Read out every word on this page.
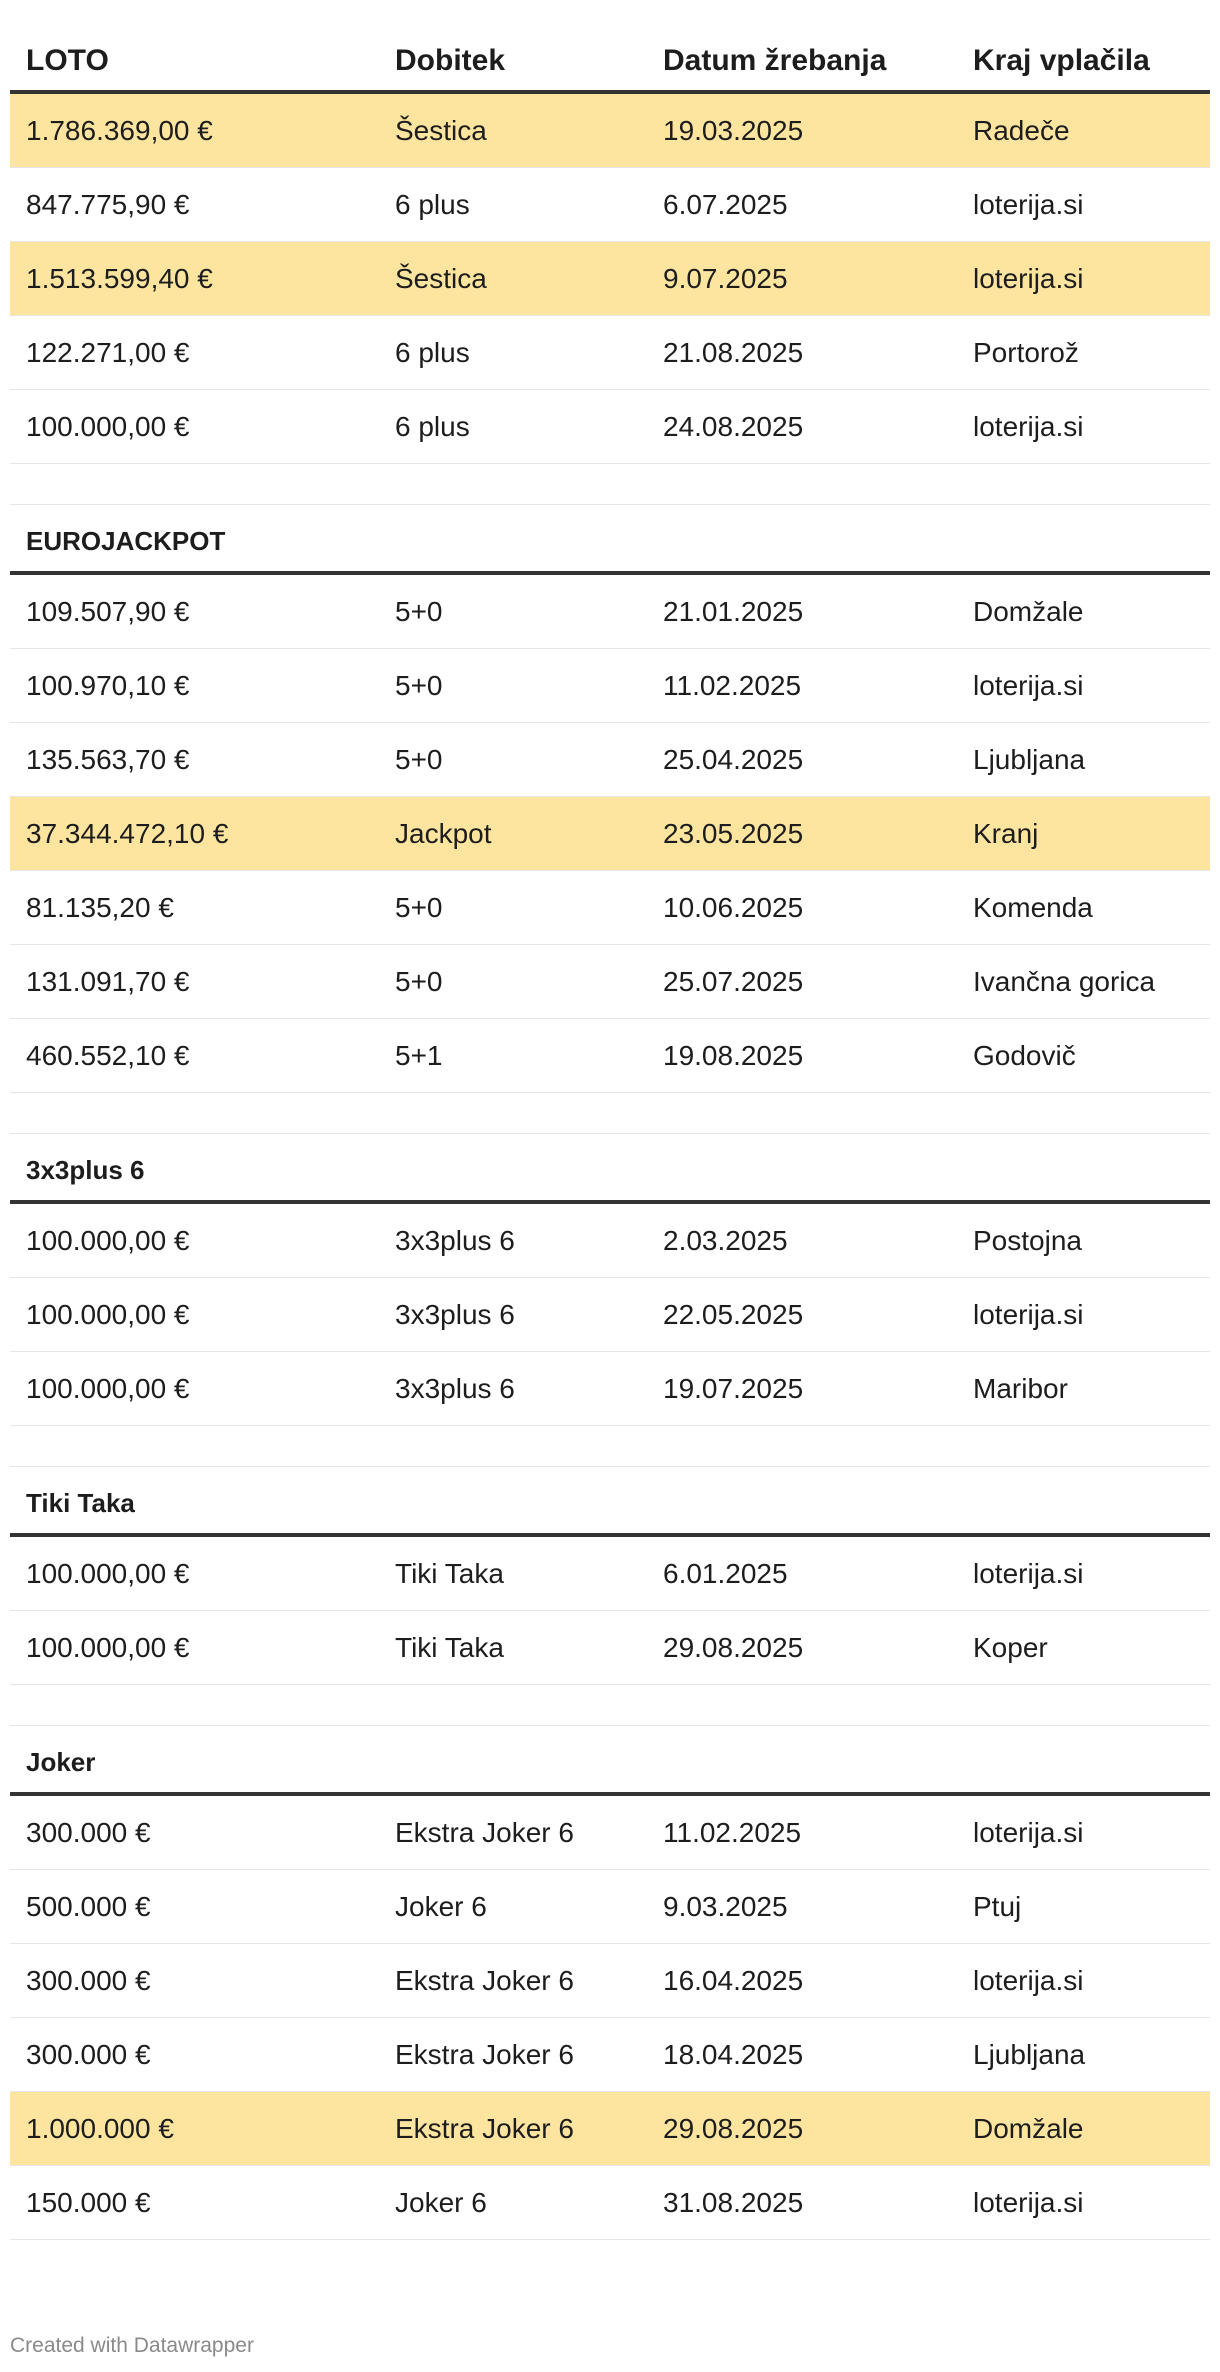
LOTO	Dobitek	Datum žrebanja	Kraj vplačila
1.786.369,00 €	Šestica	19.03.2025	Radeče
847.775,90 €	6 plus	6.07.2025	loterija.si
1.513.599,40 €	Šestica	9.07.2025	loterija.si
122.271,00 €	6 plus	21.08.2025	Portorož
100.000,00 €	6 plus	24.08.2025	loterija.si
EUROJACKPOT
109.507,90 €	5+0	21.01.2025	Domžale
100.970,10 €	5+0	11.02.2025	loterija.si
135.563,70 €	5+0	25.04.2025	Ljubljana
37.344.472,10 €	Jackpot	23.05.2025	Kranj
81.135,20 €	5+0	10.06.2025	Komenda
131.091,70 €	5+0	25.07.2025	Ivančna gorica
460.552,10 €	5+1	19.08.2025	Godovič
3x3plus 6
100.000,00 €	3x3plus 6	2.03.2025	Postojna
100.000,00 €	3x3plus 6	22.05.2025	loterija.si
100.000,00 €	3x3plus 6	19.07.2025	Maribor
Tiki Taka
100.000,00 €	Tiki Taka	6.01.2025	loterija.si
100.000,00 €	Tiki Taka	29.08.2025	Koper
Joker
300.000 €	Ekstra Joker 6	11.02.2025	loterija.si
500.000 €	Joker 6	9.03.2025	Ptuj
300.000 €	Ekstra Joker 6	16.04.2025	loterija.si
300.000 €	Ekstra Joker 6	18.04.2025	Ljubljana
1.000.000 €	Ekstra Joker 6	29.08.2025	Domžale
150.000 €	Joker 6	31.08.2025	loterija.si
Created with Datawrapper
